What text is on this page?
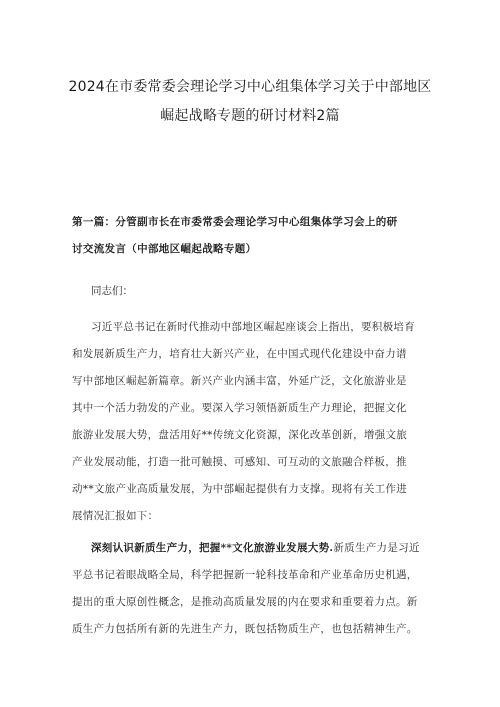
2024在市委常委会理论学习中心组集体学习关于中部地区
崛起战略专题的研讨材料2篇
第一篇：分管副市长在市委常委会理论学习中心组集体学习会上的研
讨交流发言（中部地区崛起战略专题）
同志们：
习近平总书记在新时代推动中部地区崛起座谈会上指出，要积极培育
和发展新质生产力，培育壮大新兴产业，在中国式现代化建设中奋力谱
写中部地区崛起新篇章。新兴产业内涵丰富，外延广泛，文化旅游业是
其中一个活力勃发的产业。要深入学习领悟新质生产力理论，把握文化
旅游业发展大势，盘活用好**传统文化资源，深化改革创新，增强文旅
产业发展动能，打造一批可触摸、可感知、可互动的文旅融合样板，推
动**文旅产业高质量发展，为中部崛起提供有力支撑。现将有关工作进
展情况汇报如下：
深刻认识新质生产力，把握**文化旅游业发展大势.新质生产力是习近
平总书记着眼战略全局，科学把握新一轮科技革命和产业革命历史机遇，
提出的重大原创性概念，是推动高质量发展的内在要求和重要着力点。新
质生产力包括所有新的先进生产力，既包括物质生产，也包括精神生产。
